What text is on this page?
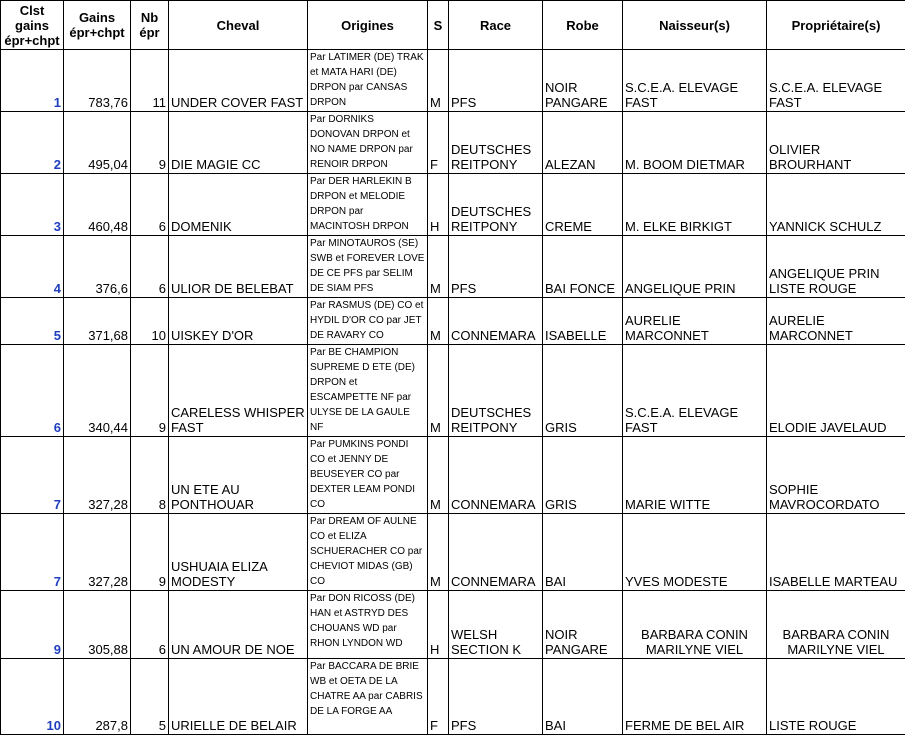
Clst gains épr+chpt	Gains épr+chpt	Nb épr	Cheval	Origines	S	Race	Robe	Naisseur(s)	Propriétaire(s)
1	783,76	11	UNDER COVER FAST	Par LATIMER (DE) TRAK et MATA HARI (DE) DRPON par CANSAS DRPON	M	PFS	NOIR PANGARE	S.C.E.A. ELEVAGE FAST	S.C.E.A. ELEVAGE FAST
2	495,04	9	DIE MAGIE CC	Par DORNIKS DONOVAN DRPON et NO NAME DRPON par RENOIR DRPON	F	DEUTSCHES REITPONY	ALEZAN	M. BOOM DIETMAR	OLIVIER BROURHANT
3	460,48	6	DOMENIK	Par DER HARLEKIN B DRPON et MELODIE DRPON par MACINTOSH DRPON	H	DEUTSCHES REITPONY	CREME	M. ELKE BIRKIGT	YANNICK SCHULZ
4	376,6	6	ULIOR DE BELEBAT	Par MINOTAUROS (SE) SWB et FOREVER LOVE DE CE PFS par SELIM DE SIAM PFS	M	PFS	BAI FONCE	ANGELIQUE PRIN	ANGELIQUE PRIN LISTE ROUGE
5	371,68	10	UISKEY D'OR	Par RASMUS (DE) CO et HYDIL D'OR CO par JET DE RAVARY CO	M	CONNEMARA	ISABELLE	AURELIE MARCONNET	AURELIE MARCONNET
6	340,44	9	CARELESS WHISPER FAST	Par BE CHAMPION SUPREME D ETE (DE) DRPON et ESCAMPETTE NF par ULYSE DE LA GAULE NF	M	DEUTSCHES REITPONY	GRIS	S.C.E.A. ELEVAGE FAST	ELODIE JAVELAUD
7	327,28	8	UN ETE AU PONTHOUAR	Par PUMKINS PONDI CO et JENNY DE BEUSEYER CO par DEXTER LEAM PONDI CO	M	CONNEMARA	GRIS	MARIE WITTE	SOPHIE MAVROCORDATO
7	327,28	9	USHUAIA ELIZA MODESTY	Par DREAM OF AULNE CO et ELIZA SCHUERACHER CO par CHEVIOT MIDAS (GB) CO	M	CONNEMARA	BAI	YVES MODESTE	ISABELLE MARTEAU
9	305,88	6	UN AMOUR DE NOE	Par DON RICOSS (DE) HAN et ASTRYD DES CHOUANS WD par RHON LYNDON WD	H	WELSH SECTION K	NOIR PANGARE	BARBARA CONIN MARILYNE VIEL	BARBARA CONIN MARILYNE VIEL
10	287,8	5	URIELLE DE BELAIR	Par BACCARA DE BRIE WB et OETA DE LA CHATRE AA par CABRIS DE LA FORGE AA	F	PFS	BAI	FERME DE BEL AIR	LISTE ROUGE
